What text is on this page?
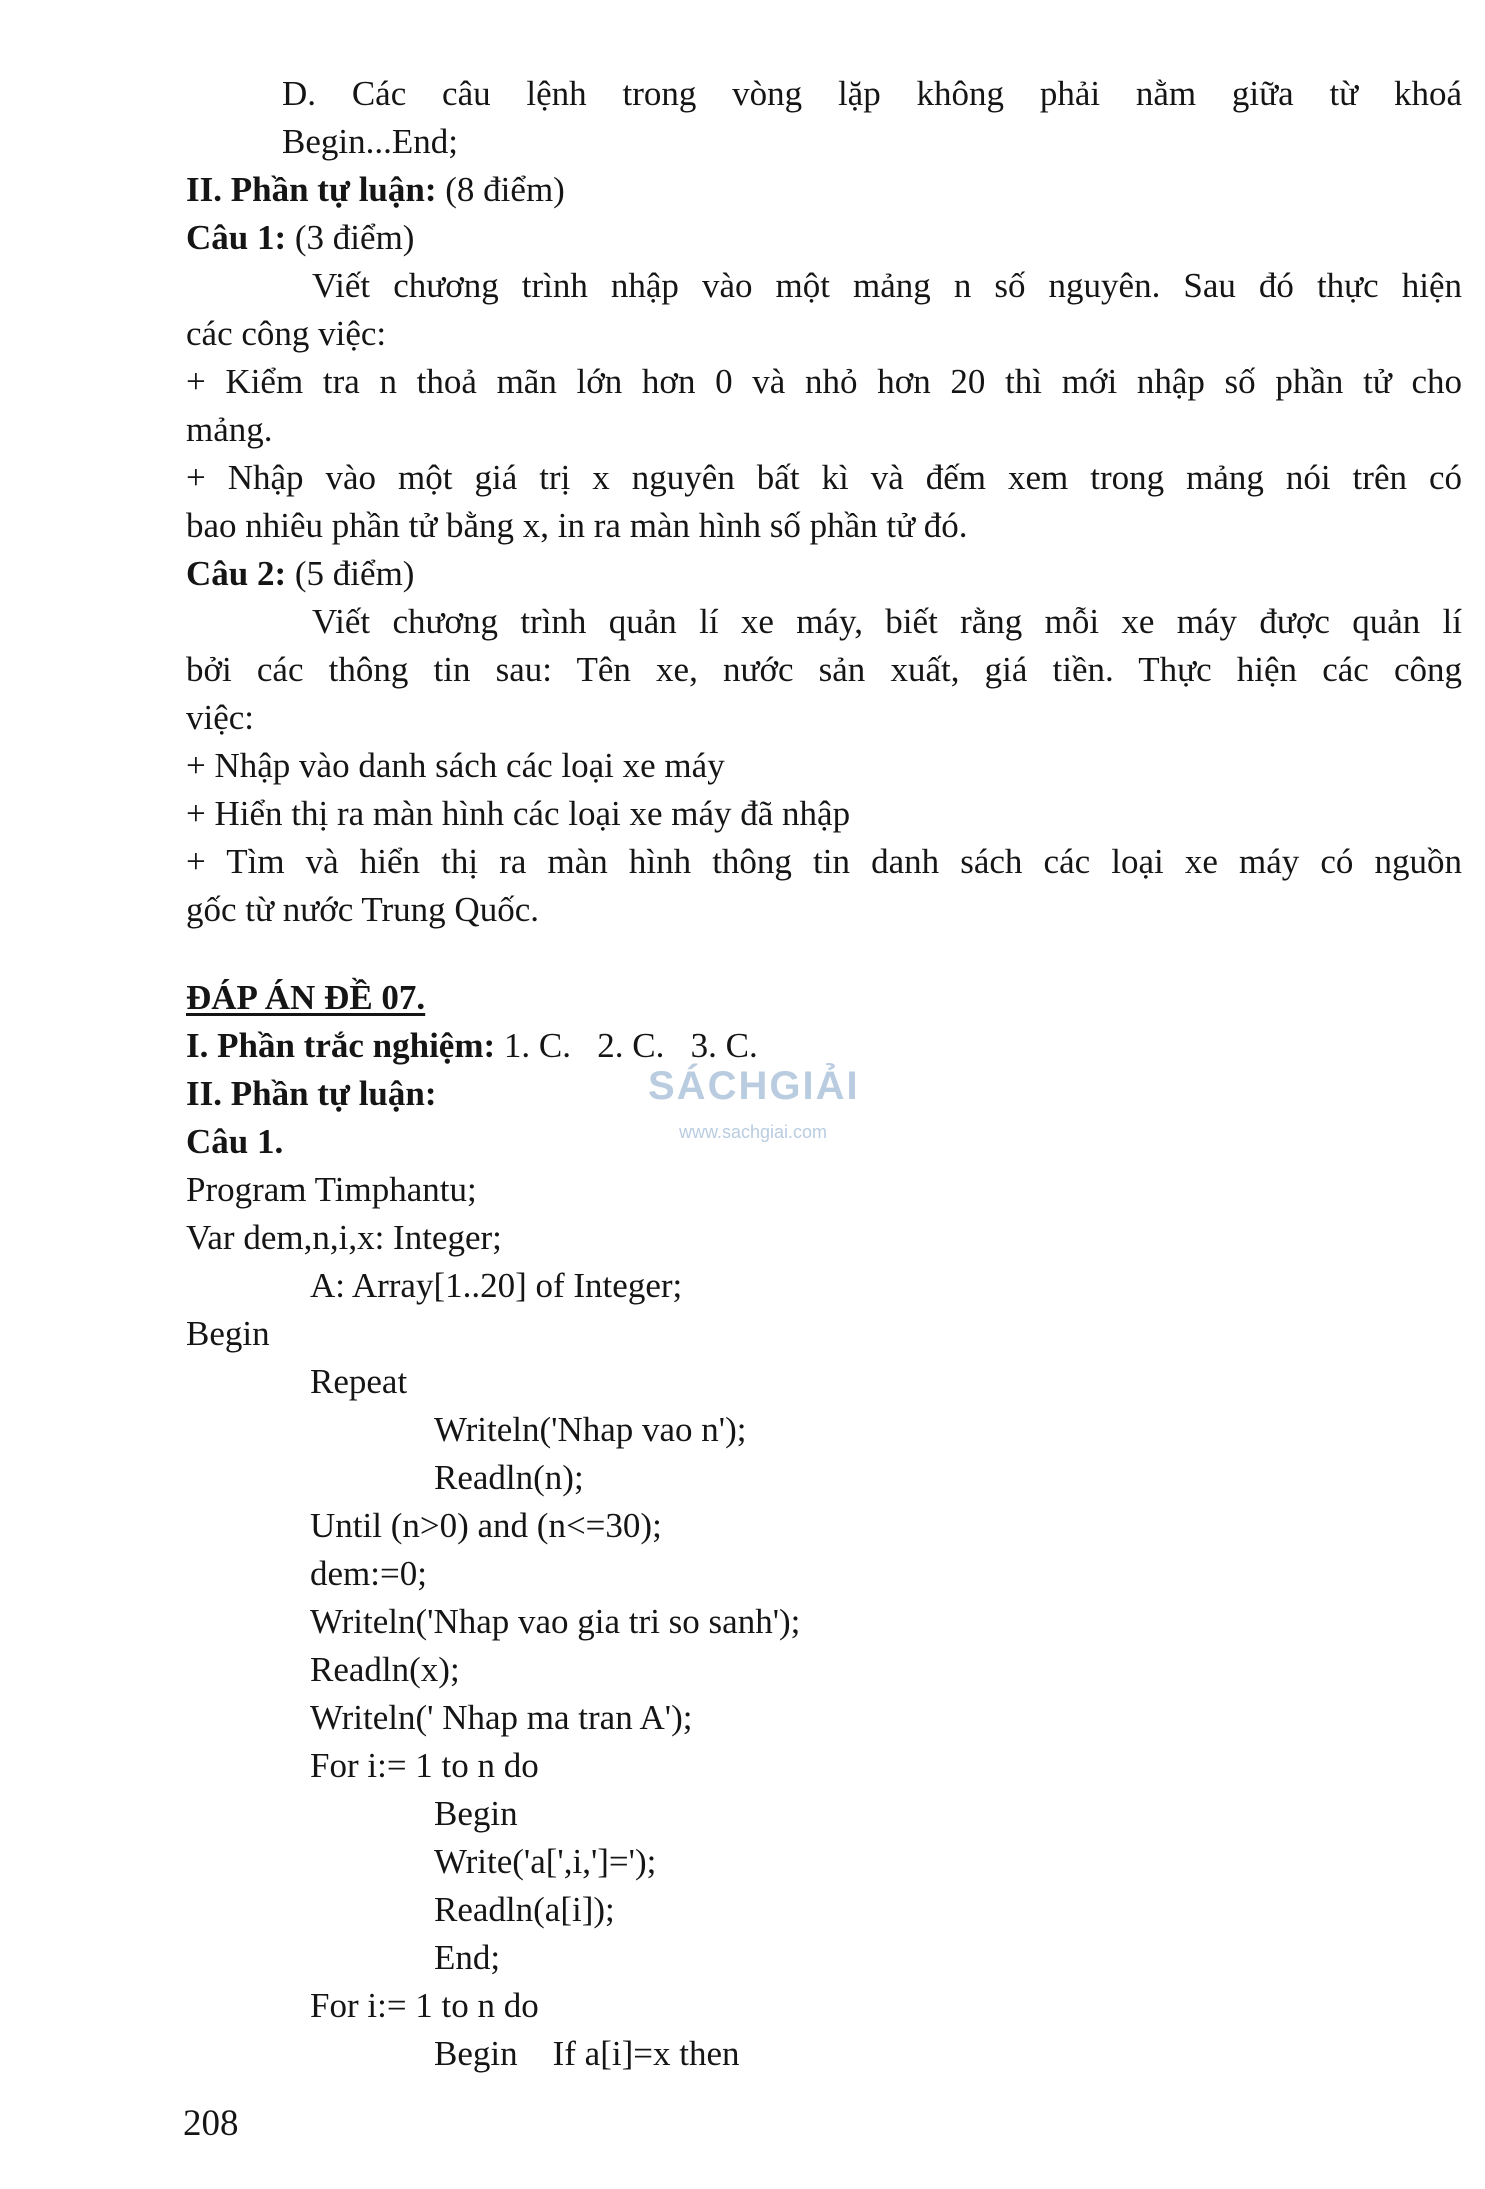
D. Các câu lệnh trong vòng lặp không phải nằm giữa từ khoá
Begin...End;
II. Phần tự luận: (8 điểm)
Câu 1: (3 điểm)
Viết chương trình nhập vào một mảng n số nguyên. Sau đó thực hiện
các công việc:
+ Kiểm tra n thoả mãn lớn hơn 0 và nhỏ hơn 20 thì mới nhập số phần tử cho
mảng.
+ Nhập vào một giá trị x nguyên bất kì và đếm xem trong mảng nói trên có
bao nhiêu phần tử bằng x, in ra màn hình số phần tử đó.
Câu 2: (5 điểm)
Viết chương trình quản lí xe máy, biết rằng mỗi xe máy được quản lí
bởi các thông tin sau: Tên xe, nước sản xuất, giá tiền. Thực hiện các công
việc:
+ Nhập vào danh sách các loại xe máy
+ Hiển thị ra màn hình các loại xe máy đã nhập
+ Tìm và hiển thị ra màn hình thông tin danh sách các loại xe máy có nguồn
gốc từ nước Trung Quốc.
ĐÁP ÁN ĐỀ 07.
I. Phần trắc nghiệm: 1. C.   2. C.   3. C.
II. Phần tự luận:
Câu 1.
Program Timphantu;
Var dem,n,i,x: Integer;
A: Array[1..20] of Integer;
Begin
Repeat
Writeln('Nhap vao n');
Readln(n);
Until (n>0) and (n<=30);
dem:=0;
Writeln('Nhap vao gia tri so sanh');
Readln(x);
Writeln(' Nhap ma tran A');
For i:= 1 to n do
Begin
Write('a[',i,']=');
Readln(a[i]);
End;
For i:= 1 to n do
Begin    If a[i]=x then
SÁCHGIẢI
www.sachgiai.com
208
